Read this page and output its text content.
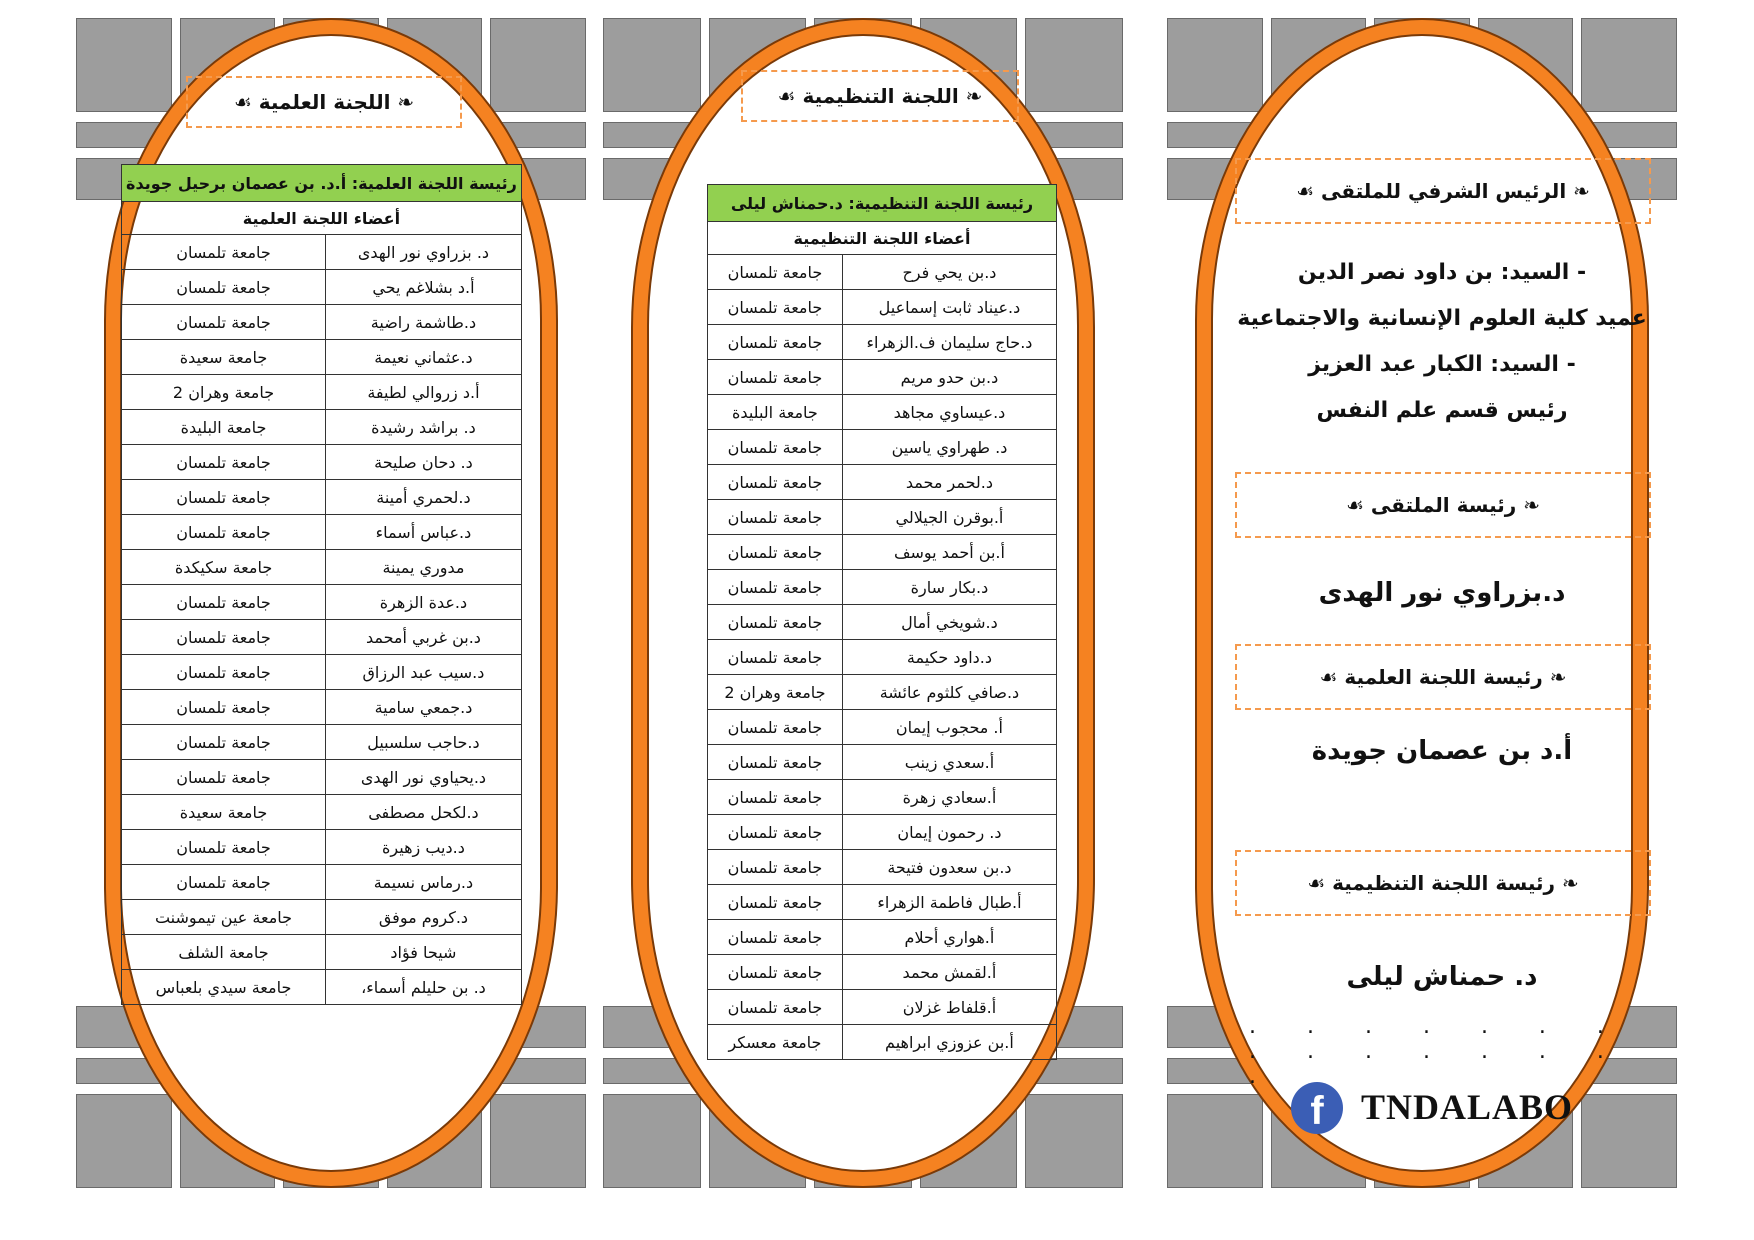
❧ اللجنة العلمية ☙
رئيسة اللجنة العلمية: أ.د. بن عصمان برحيل جويدة	
أعضاء اللجنة العلمية	
د. بزراوي نور الهدى	جامعة تلمسان
أ.د بشلاغم يحي	جامعة تلمسان
د.طاشمة راضية	جامعة تلمسان
د.عثماني نعيمة	جامعة سعيدة
أ.د زروالي لطيفة	جامعة وهران 2
د. براشد رشيدة	جامعة البليدة
د. دحان صليحة	جامعة تلمسان
د.لحمري أمينة	جامعة تلمسان
د.عباس أسماء	جامعة تلمسان
مدوري يمينة	جامعة سكيكدة
د.عدة الزهرة	جامعة تلمسان
د.بن غربي أمحمد	جامعة تلمسان
د.سيب عبد الرزاق	جامعة تلمسان
د.جمعي سامية	جامعة تلمسان
د.حاجب سلسبيل	جامعة تلمسان
د.يحياوي نور الهدى	جامعة تلمسان
د.لكحل مصطفى	جامعة سعيدة
د.ديب زهيرة	جامعة تلمسان
د.رماس نسيمة	جامعة تلمسان
د.كروم موفق	جامعة عين تيموشنت
شيحا فؤاد	جامعة الشلف
د. بن حليلم أسماء،	جامعة سيدي بلعباس
❧ اللجنة التنظيمية ☙
رئيسة اللجنة التنظيمية: د.حمناش ليلى	
أعضاء اللجنة التنظيمية	
د.بن يحي فرح	جامعة تلمسان
د.عيناد ثابت إسماعيل	جامعة تلمسان
د.حاج سليمان ف.الزهراء	جامعة تلمسان
د.بن حدو مريم	جامعة تلمسان
د.عيساوي مجاهد	جامعة البليدة
د. طهراوي ياسين	جامعة تلمسان
د.لحمر محمد	جامعة تلمسان
أ.بوقرن الجيلالي	جامعة تلمسان
أ.بن أحمد يوسف	جامعة تلمسان
د.بكار سارة	جامعة تلمسان
د.شويخي أمال	جامعة تلمسان
د.داود حكيمة	جامعة تلمسان
د.صافي كلثوم عائشة	جامعة وهران 2
أ. محجوب إيمان	جامعة تلمسان
أ.سعدي زينب	جامعة تلمسان
أ.سعادي زهرة	جامعة تلمسان
د. رحمون إيمان	جامعة تلمسان
د.بن سعدون فتيحة	جامعة تلمسان
أ.طبال فاطمة الزهراء	جامعة تلمسان
أ.هواري أحلام	جامعة تلمسان
أ.لقمش محمد	جامعة تلمسان
أ.قلفاط غزلان	جامعة تلمسان
أ.بن عزوزي ابراهيم	جامعة معسكر
❧ الرئيس الشرفي للملتقى ☙
- السيد: بن داود نصر الدين
عميد كلية العلوم الإنسانية والاجتماعية
- السيد: الكبار عبد العزيز
رئيس قسم علم النفس
❧ رئيسة الملتقى ☙
د.بزراوي نور الهدى
❧ رئيسة اللجنة العلمية ☙
أ.د بن عصمان جويدة
❧ رئيسة اللجنة التنظيمية ☙
د. حمناش ليلى
. . . . . . . . . . . . . . .
f	TNDALABO
